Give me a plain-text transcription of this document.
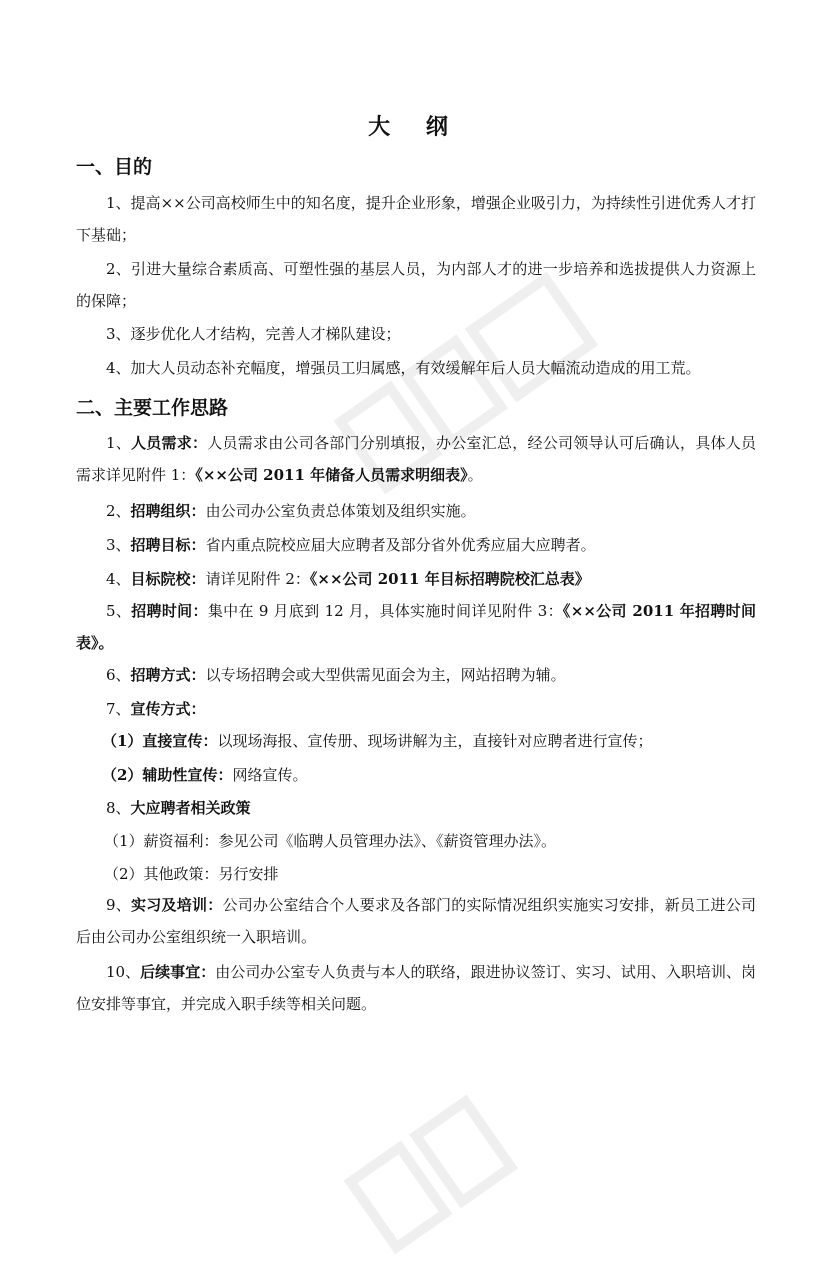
大 纲
一、目的
1、提高××公司高校师生中的知名度，提升企业形象，增强企业吸引力，为持续性引进优秀人才打下基础；
2、引进大量综合素质高、可塑性强的基层人员，为内部人才的进一步培养和选拔提供人力资源上的保障；
3、逐步优化人才结构，完善人才梯队建设；
4、加大人员动态补充幅度，增强员工归属感，有效缓解年后人员大幅流动造成的用工荒。
二、主要工作思路
1、人员需求：人员需求由公司各部门分别填报，办公室汇总，经公司领导认可后确认，具体人员需求详见附件 1：《××公司 2011 年储备人员需求明细表》。
2、招聘组织：由公司办公室负责总体策划及组织实施。
3、招聘目标：省内重点院校应届大应聘者及部分省外优秀应届大应聘者。
4、目标院校：请详见附件 2：《××公司 2011 年目标招聘院校汇总表》
5、招聘时间：集中在 9 月底到 12 月，具体实施时间详见附件 3：《××公司 2011 年招聘时间表》。
6、招聘方式：以专场招聘会或大型供需见面会为主，网站招聘为辅。
7、宣传方式：
（1）直接宣传：以现场海报、宣传册、现场讲解为主，直接针对应聘者进行宣传；
（2）辅助性宣传：网络宣传。
8、大应聘者相关政策
（1）薪资福利：参见公司《临聘人员管理办法》、《薪资管理办法》。
（2）其他政策：另行安排
9、实习及培训：公司办公室结合个人要求及各部门的实际情况组织实施实习安排，新员工进公司后由公司办公室组织统一入职培训。
10、后续事宜：由公司办公室专人负责与本人的联络，跟进协议签订、实习、试用、入职培训、岗位安排等事宜，并完成入职手续等相关问题。
